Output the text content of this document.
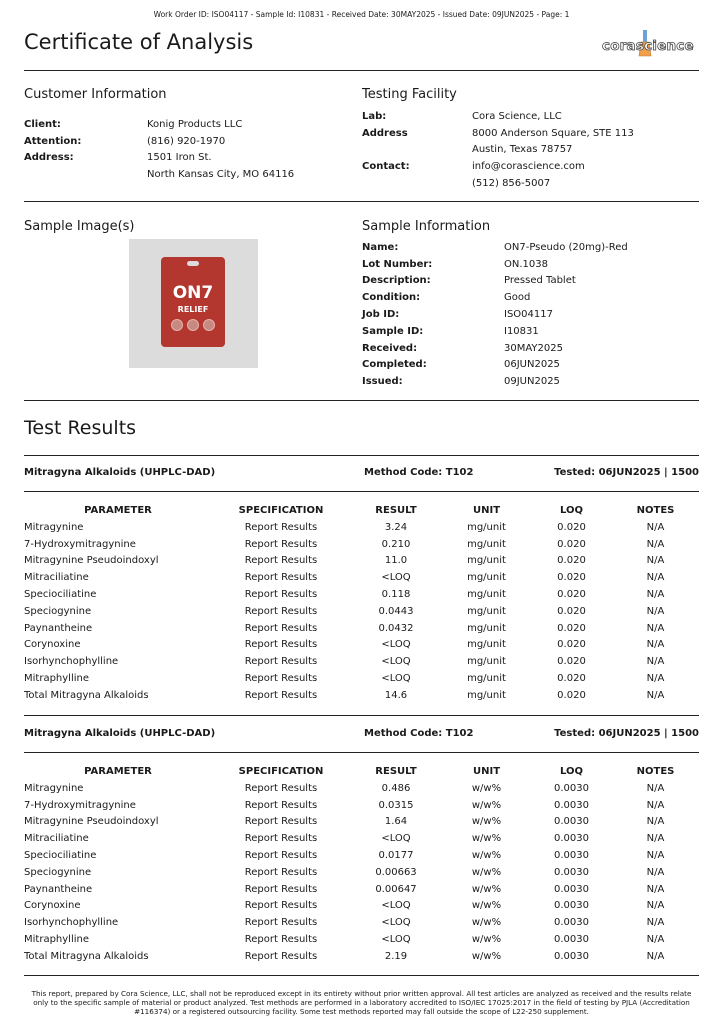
Work Order ID: ISO04117 - Sample Id: I10831 - Received Date: 30MAY2025 - Issued Date: 09JUN2025 - Page: 1
Certificate of Analysis	corascience
Customer Information
Client:	Konig Products LLC
Attention:	(816) 920-1970
Address:	1501 Iron St.
North Kansas City, MO 64116
Testing Facility
Lab:	Cora Science, LLC
Address	8000 Anderson Square, STE 113
Austin, Texas 78757
Contact:	info@corascience.com
(512) 856-5007
Sample Image(s)
ON7
RELIEF
Sample Information
Name:	ON7-Pseudo (20mg)-Red
Lot Number:	ON.1038
Description:	Pressed Tablet
Condition:	Good
Job ID:	ISO04117
Sample ID:	I10831
Received:	30MAY2025
Completed:	06JUN2025
Issued:	09JUN2025
Test Results
Mitragyna Alkaloids (UHPLC-DAD)	Method Code: T102	Tested: 06JUN2025 | 1500
PARAMETER	SPECIFICATION	RESULT	UNIT	LOQ	NOTES
Mitragynine	Report Results	3.24	mg/unit	0.020	N/A
7-Hydroxymitragynine	Report Results	0.210	mg/unit	0.020	N/A
Mitragynine Pseudoindoxyl	Report Results	11.0	mg/unit	0.020	N/A
Mitraciliatine	Report Results	<LOQ	mg/unit	0.020	N/A
Speciociliatine	Report Results	0.118	mg/unit	0.020	N/A
Speciogynine	Report Results	0.0443	mg/unit	0.020	N/A
Paynantheine	Report Results	0.0432	mg/unit	0.020	N/A
Corynoxine	Report Results	<LOQ	mg/unit	0.020	N/A
Isorhynchophylline	Report Results	<LOQ	mg/unit	0.020	N/A
Mitraphylline	Report Results	<LOQ	mg/unit	0.020	N/A
Total Mitragyna Alkaloids	Report Results	14.6	mg/unit	0.020	N/A
Mitragyna Alkaloids (UHPLC-DAD)	Method Code: T102	Tested: 06JUN2025 | 1500
PARAMETER	SPECIFICATION	RESULT	UNIT	LOQ	NOTES
Mitragynine	Report Results	0.486	w/w%	0.0030	N/A
7-Hydroxymitragynine	Report Results	0.0315	w/w%	0.0030	N/A
Mitragynine Pseudoindoxyl	Report Results	1.64	w/w%	0.0030	N/A
Mitraciliatine	Report Results	<LOQ	w/w%	0.0030	N/A
Speciociliatine	Report Results	0.0177	w/w%	0.0030	N/A
Speciogynine	Report Results	0.00663	w/w%	0.0030	N/A
Paynantheine	Report Results	0.00647	w/w%	0.0030	N/A
Corynoxine	Report Results	<LOQ	w/w%	0.0030	N/A
Isorhynchophylline	Report Results	<LOQ	w/w%	0.0030	N/A
Mitraphylline	Report Results	<LOQ	w/w%	0.0030	N/A
Total Mitragyna Alkaloids	Report Results	2.19	w/w%	0.0030	N/A
This report, prepared by Cora Science, LLC, shall not be reproduced except in its entirety without prior written approval. All test articles are analyzed as received and the results relate only to the specific sample of material or product analyzed. Test methods are performed in a laboratory accredited to ISO/IEC 17025:2017 in the field of testing by PJLA (Accreditation #116374) or a registered outsourcing facility. Some test methods reported may fall outside the scope of L22-250 supplement.
